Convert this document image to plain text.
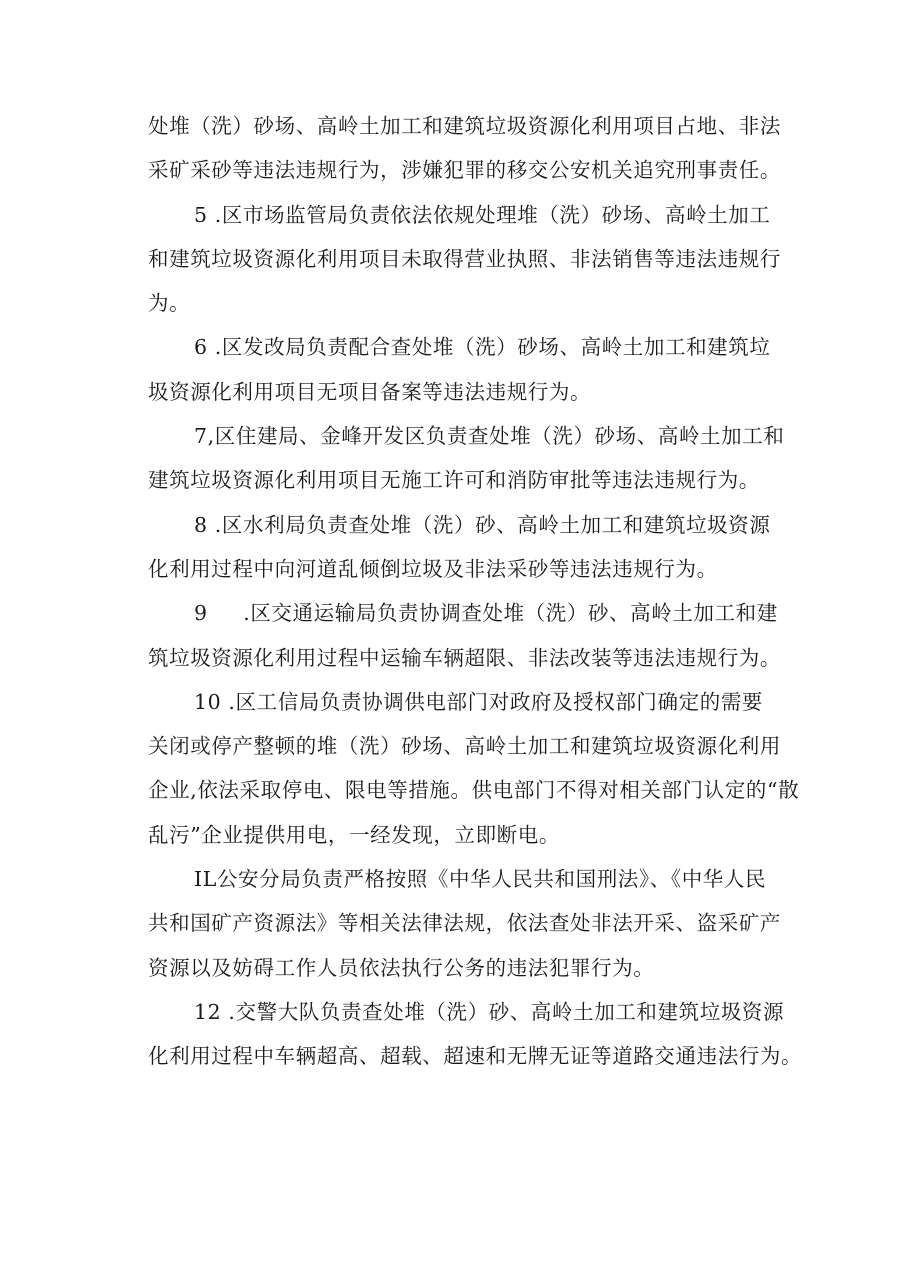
处堆（洗）砂场、高岭土加工和建筑垃圾资源化利用项目占地、非法
采矿采砂等违法违规行为，涉嫌犯罪的移交公安机关追究刑事责任。
5 .区市场监管局负责依法依规处理堆（洗）砂场、高岭土加工
和建筑垃圾资源化利用项目未取得营业执照、非法销售等违法违规行
为。
6 .区发改局负责配合查处堆（洗）砂场、高岭土加工和建筑垃
圾资源化利用项目无项目备案等违法违规行为。
7,区住建局、金峰开发区负责查处堆（洗）砂场、高岭土加工和
建筑垃圾资源化利用项目无施工许可和消防审批等违法违规行为。
8 .区水利局负责查处堆（洗）砂、高岭土加工和建筑垃圾资源
化利用过程中向河道乱倾倒垃圾及非法采砂等违法违规行为。
9     .区交通运输局负责协调查处堆（洗）砂、高岭土加工和建
筑垃圾资源化利用过程中运输车辆超限、非法改装等违法违规行为。
10 .区工信局负责协调供电部门对政府及授权部门确定的需要
关闭或停产整顿的堆（洗）砂场、高岭土加工和建筑垃圾资源化利用
企业,依法采取停电、限电等措施。供电部门不得对相关部门认定的“散
乱污”企业提供用电，一经发现，立即断电。
IL公安分局负责严格按照《中华人民共和国刑法》、《中华人民
共和国矿产资源法》等相关法律法规，依法查处非法开采、盗采矿产
资源以及妨碍工作人员依法执行公务的违法犯罪行为。
12 .交警大队负责查处堆（洗）砂、高岭土加工和建筑垃圾资源
化利用过程中车辆超高、超载、超速和无牌无证等道路交通违法行为。
